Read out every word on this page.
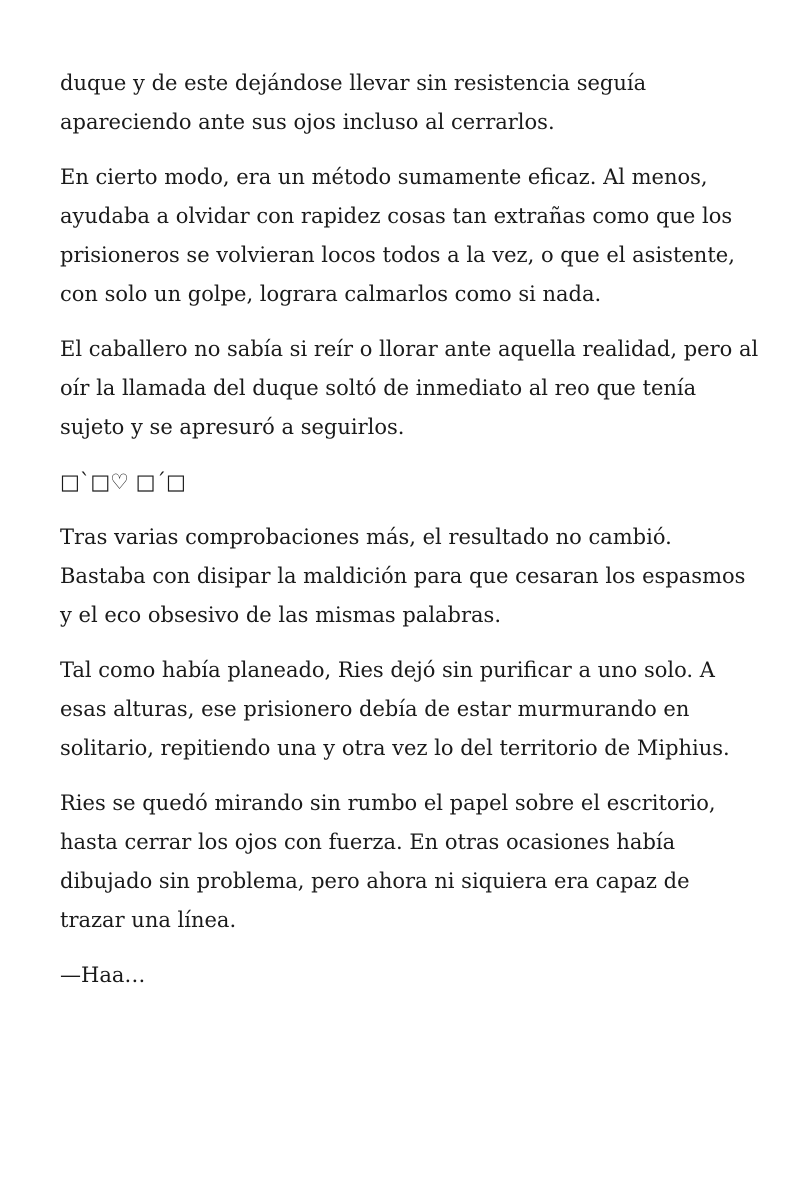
duque y de este dejándose llevar sin resistencia seguía apareciendo ante sus ojos incluso al cerrarlos.

En cierto modo, era un método sumamente eficaz. Al menos, ayudaba a olvidar con rapidez cosas tan extrañas como que los prisioneros se volvieran locos todos a la vez, o que el asistente, con solo un golpe, lograra calmarlos como si nada.

El caballero no sabía si reír o llorar ante aquella realidad, pero al oír la llamada del duque soltó de inmediato al reo que tenía sujeto y se apresuró a seguirlos.

□`□♡ □´□

Tras varias comprobaciones más, el resultado no cambió. Bastaba con disipar la maldición para que cesaran los espasmos y el eco obsesivo de las mismas palabras.

Tal como había planeado, Ries dejó sin purificar a uno solo. A esas alturas, ese prisionero debía de estar murmurando en solitario, repitiendo una y otra vez lo del territorio de Miphius.

Ries se quedó mirando sin rumbo el papel sobre el escritorio, hasta cerrar los ojos con fuerza. En otras ocasiones había dibujado sin problema, pero ahora ni siquiera era capaz de trazar una línea.

—Haa…
